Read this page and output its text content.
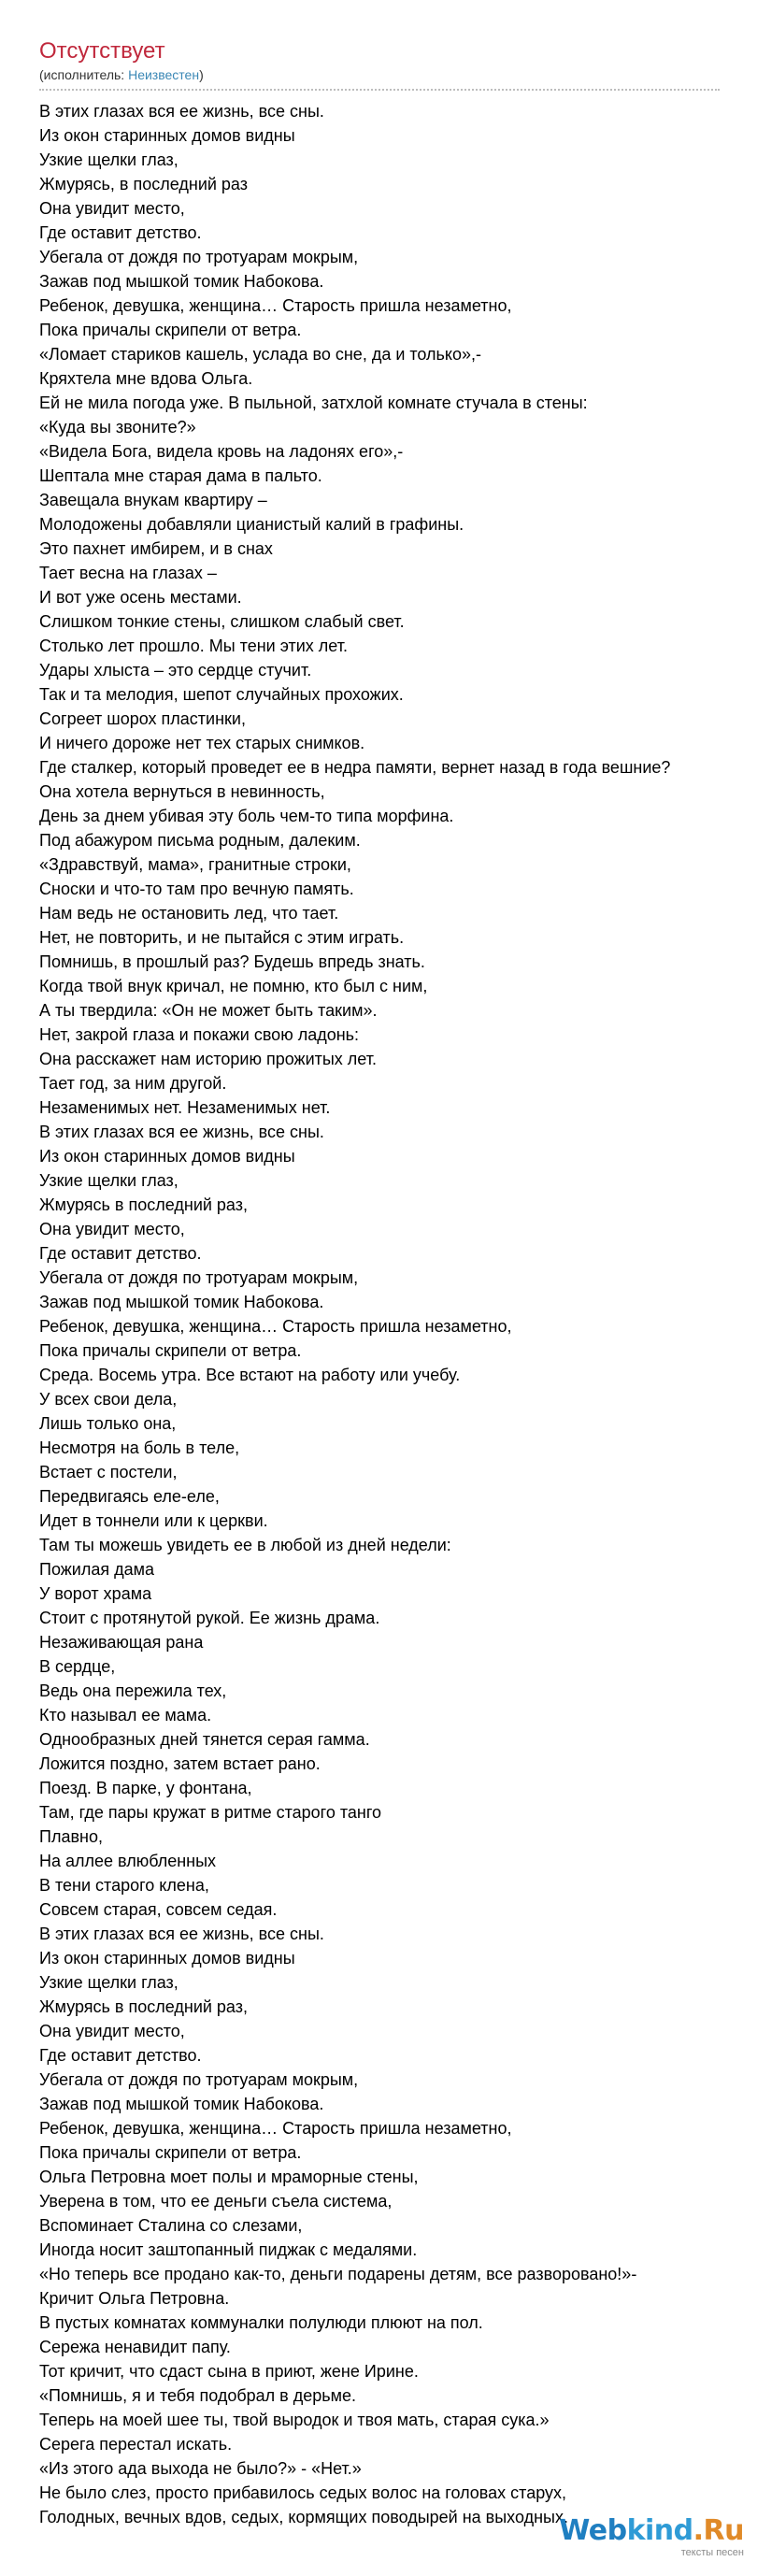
Отсутствует
(исполнитель: Неизвестен)
В этих глазах вся ее жизнь, все сны.
Из окон старинных домов видны
Узкие щелки глаз,
Жмурясь, в последний раз
Она увидит место,
Где оставит детство.
Убегала от дождя по тротуарам мокрым,
Зажав под мышкой томик Набокова.
Ребенок, девушка, женщина… Старость пришла незаметно,
Пока причалы скрипели от ветра.
«Ломает стариков кашель, услада во сне, да и только»,-
Кряхтела мне вдова Ольга.
Ей не мила погода уже. В пыльной, затхлой комнате стучала в стены:
«Куда вы звоните?»
«Видела Бога, видела кровь на ладонях его»,-
Шептала мне старая дама в пальто.
Завещала внукам квартиру –
Молодожены добавляли цианистый калий в графины.
Это пахнет имбирем, и в снах
Тает весна на глазах –
И вот уже осень местами.
Слишком тонкие стены, слишком слабый свет.
Столько лет прошло. Мы тени этих лет.
Удары хлыста – это сердце стучит.
Так и та мелодия, шепот случайных прохожих.
Согреет шорох пластинки,
И ничего дороже нет тех старых снимков.
Где сталкер, который проведет ее в недра памяти, вернет назад в года вешние?
Она хотела вернуться в невинность,
День за днем убивая эту боль чем-то типа морфина.
Под абажуром письма родным, далеким.
«Здравствуй, мама», гранитные строки,
Сноски и что-то там про вечную память.
Нам ведь не остановить лед, что тает.
Нет, не повторить, и не пытайся с этим играть.
Помнишь, в прошлый раз? Будешь впредь знать.
Когда твой внук кричал, не помню, кто был с ним,
А ты твердила: «Он не может быть таким».
Нет, закрой глаза и покажи свою ладонь:
Она расскажет нам историю прожитых лет.
Тает год, за ним другой.
Незаменимых нет. Незаменимых нет.
В этих глазах вся ее жизнь, все сны.
Из окон старинных домов видны
Узкие щелки глаз,
Жмурясь в последний раз,
Она увидит место,
Где оставит детство.
Убегала от дождя по тротуарам мокрым,
Зажав под мышкой томик Набокова.
Ребенок, девушка, женщина… Старость пришла незаметно,
Пока причалы скрипели от ветра.
Среда. Восемь утра. Все встают на работу или учебу.
У всех свои дела,
Лишь только она,
Несмотря на боль в теле,
Встает с постели,
Передвигаясь еле-еле,
Идет в тоннели или к церкви.
Там ты можешь увидеть ее в любой из дней недели:
Пожилая дама
У ворот храма
Стоит с протянутой рукой. Ее жизнь драма.
Незаживающая рана
В сердце,
Ведь она пережила тех,
Кто называл ее мама.
Однообразных дней тянется серая гамма.
Ложится поздно, затем встает рано.
Поезд. В парке, у фонтана,
Там, где пары кружат в ритме старого танго
Плавно,
На аллее влюбленных
В тени старого клена,
Совсем старая, совсем седая.
В этих глазах вся ее жизнь, все сны.
Из окон старинных домов видны
Узкие щелки глаз,
Жмурясь в последний раз,
Она увидит место,
Где оставит детство.
Убегала от дождя по тротуарам мокрым,
Зажав под мышкой томик Набокова.
Ребенок, девушка, женщина… Старость пришла незаметно,
Пока причалы скрипели от ветра.
Ольга Петровна моет полы и мраморные стены,
Уверена в том, что ее деньги съела система,
Вспоминает Сталина со слезами,
Иногда носит заштопанный пиджак с медалями.
«Но теперь все продано как-то, деньги подарены детям, все разворовано!»-
Кричит Ольга Петровна.
В пустых комнатах коммуналки полулюди плюют на пол.
Сережа ненавидит папу.
Тот кричит, что сдаст сына в приют, жене Ирине.
«Помнишь, я и тебя подобрал в дерьме.
Теперь на моей шее ты, твой выродок и твоя мать, старая сука.»
Серега перестал искать.
«Из этого ада выхода не было?» - «Нет.»
Не было слез, просто прибавилось седых волос на головах старух,
Голодных, вечных вдов, седых, кормящих поводырей на выходных.
Webkind.Ru
тексты песен
